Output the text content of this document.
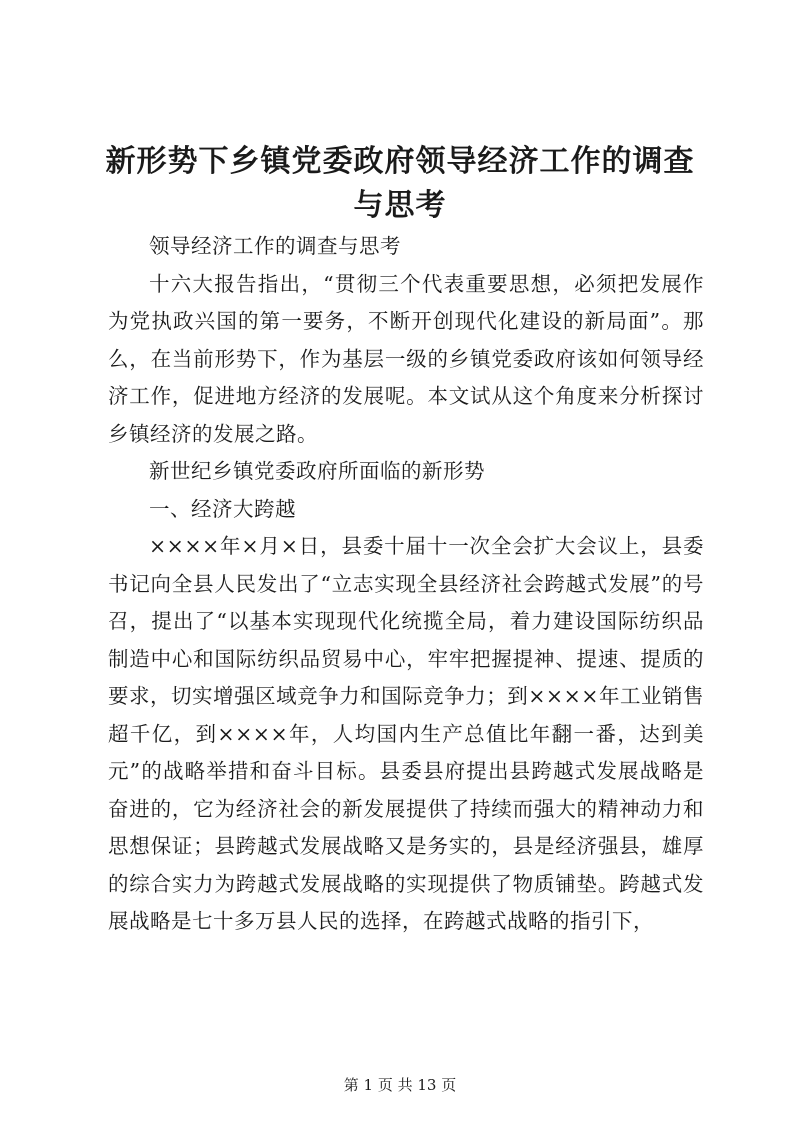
新形势下乡镇党委政府领导经济工作的调查与思考

领导经济工作的调查与思考

十六大报告指出，“贯彻三个代表重要思想，必须把发展作为党执政兴国的第一要务，不断开创现代化建设的新局面”。那么，在当前形势下，作为基层一级的乡镇党委政府该如何领导经济工作，促进地方经济的发展呢。本文试从这个角度来分析探讨乡镇经济的发展之路。

新世纪乡镇党委政府所面临的新形势

一、经济大跨越

××××年×月×日，县委十届十一次全会扩大会议上，县委书记向全县人民发出了“立志实现全县经济社会跨越式发展”的号召，提出了“以基本实现现代化统揽全局，着力建设国际纺织品制造中心和国际纺织品贸易中心，牢牢把握提神、提速、提质的要求，切实增强区域竞争力和国际竞争力；到××××年工业销售超千亿，到××××年，人均国内生产总值比年翻一番，达到美元”的战略举措和奋斗目标。县委县府提出县跨越式发展战略是奋进的，它为经济社会的新发展提供了持续而强大的精神动力和思想保证；县跨越式发展战略又是务实的，县是经济强县，雄厚的综合实力为跨越式发展战略的实现提供了物质铺垫。跨越式发展战略是七十多万县人民的选择，在跨越式战略的指引下，

第 1 页 共 13 页
